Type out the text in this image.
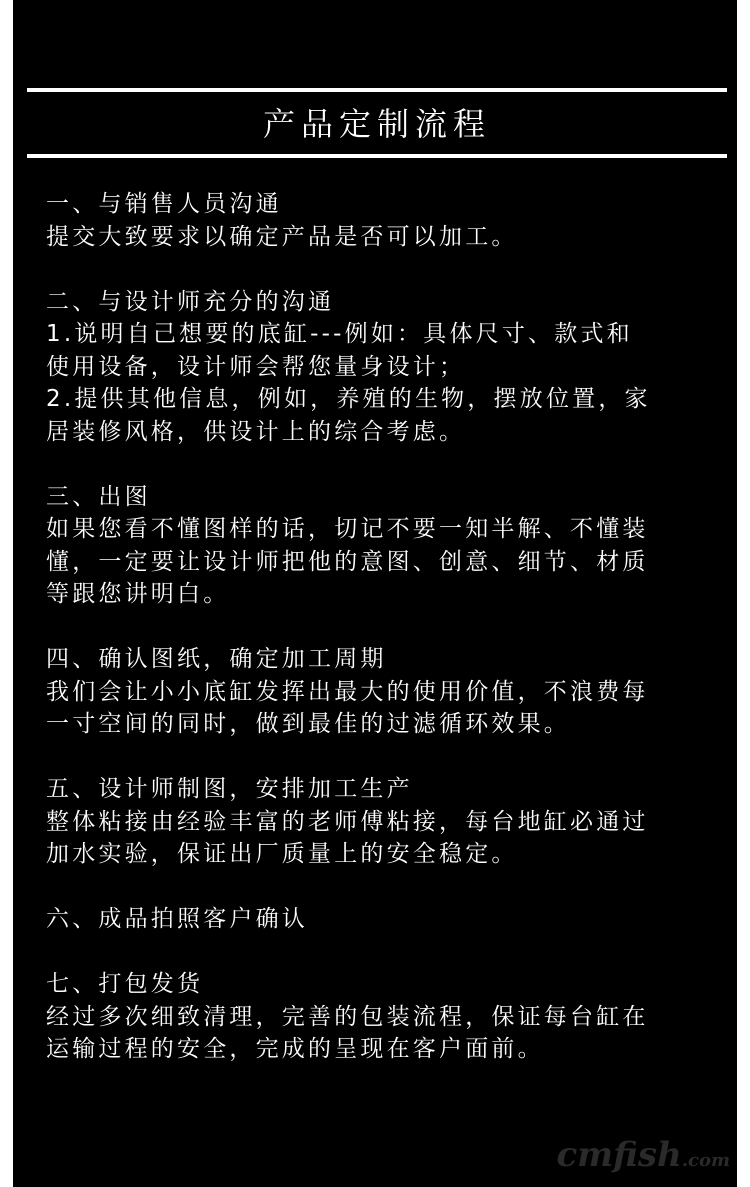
产品定制流程

一、与销售人员沟通

提交大致要求以确定产品是否可以加工。

二、与设计师充分的沟通

1.说明自己想要的底缸---例如：具体尺寸、款式和

使用设备，设计师会帮您量身设计；

2.提供其他信息，例如，养殖的生物，摆放位置，家

居装修风格，供设计上的综合考虑。

三、出图

如果您看不懂图样的话，切记不要一知半解、不懂装

懂，一定要让设计师把他的意图、创意、细节、材质

等跟您讲明白。

四、确认图纸，确定加工周期

我们会让小小底缸发挥出最大的使用价值，不浪费每

一寸空间的同时，做到最佳的过滤循环效果。

五、设计师制图，安排加工生产

整体粘接由经验丰富的老师傅粘接，每台地缸必通过

加水实验，保证出厂质量上的安全稳定。

六、成品拍照客户确认

七、打包发货

经过多次细致清理，完善的包装流程，保证每台缸在

运输过程的安全，完成的呈现在客户面前。

cmfish.com
